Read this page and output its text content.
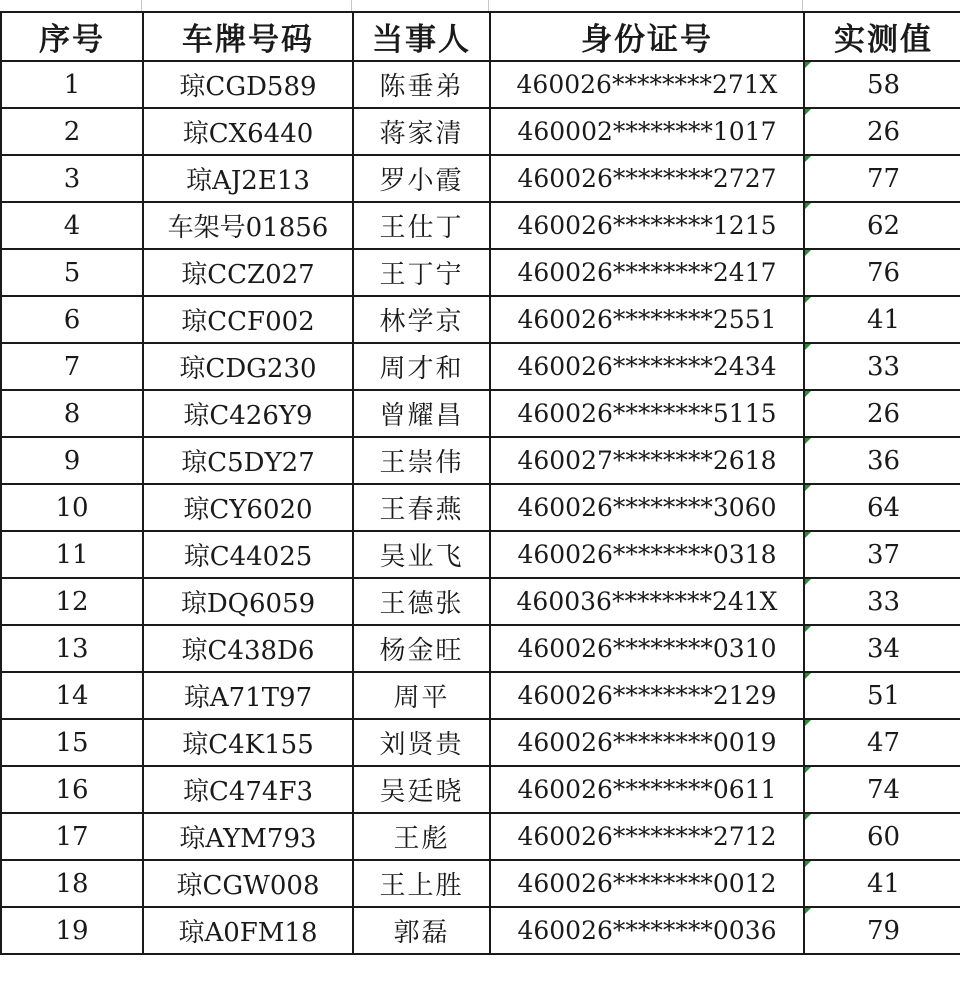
序号	车牌号码	当事人	身份证号	实测值
1	琼CGD589	陈垂弟	460026********271X	58

2	琼CX6440	蒋家清	460002********1017	26

3	琼AJ2E13	罗小霞	460026********2727	77

4	车架号01856	王仕丁	460026********1215	62

5	琼CCZ027	王丁宁	460026********2417	76

6	琼CCF002	林学京	460026********2551	41

7	琼CDG230	周才和	460026********2434	33

8	琼C426Y9	曾耀昌	460026********5115	26

9	琼C5DY27	王崇伟	460027********2618	36

10	琼CY6020	王春燕	460026********3060	64

11	琼C44025	吴业飞	460026********0318	37

12	琼DQ6059	王德张	460036********241X	33

13	琼C438D6	杨金旺	460026********0310	34

14	琼A71T97	周平	460026********2129	51

15	琼C4K155	刘贤贵	460026********0019	47

16	琼C474F3	吴廷晓	460026********0611	74

17	琼AYM793	王彪	460026********2712	60

18	琼CGW008	王上胜	460026********0012	41

19	琼A0FM18	郭磊	460026********0036	79
